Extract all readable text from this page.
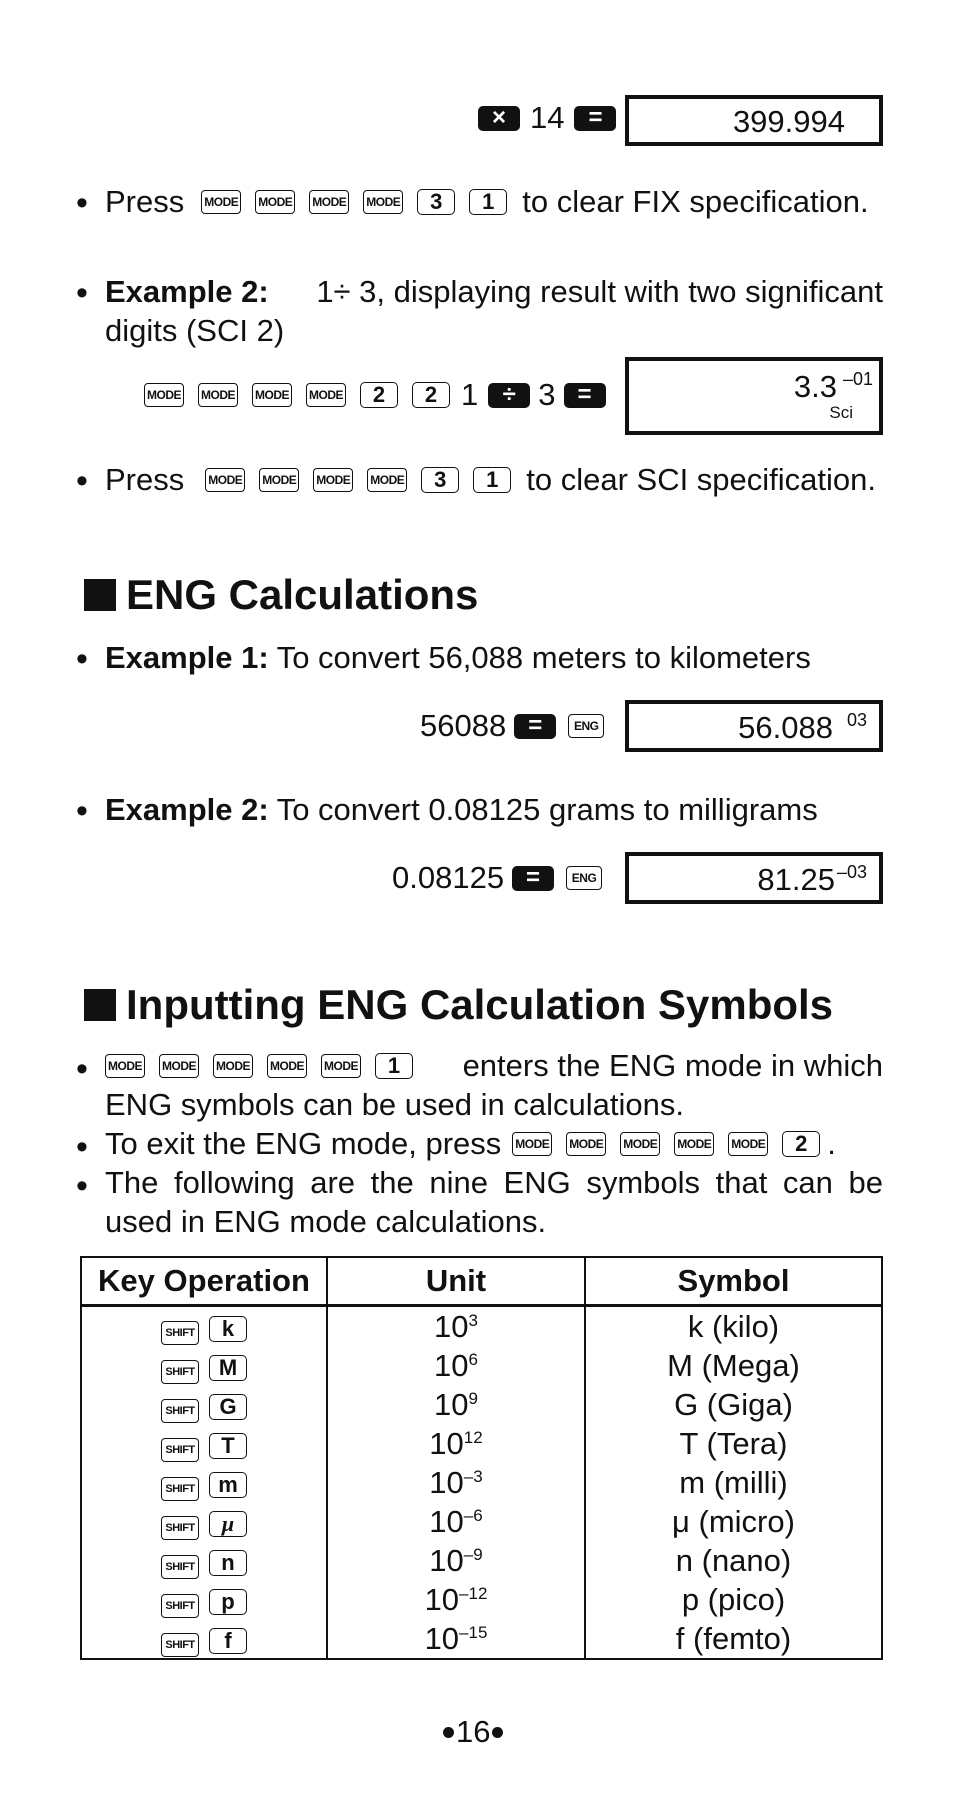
× 14 =	399.994
• Press MODE MODE MODE MODE	3	1 to clear FIX specification.
• Example 2: 1÷ 3, displaying result with two significant
digits (SCI 2)
MODE MODE MODE MODE	2	2 1	÷ 3 =	3.3 –01
Sci
• Press MODE MODE MODE MODE	3	1 to clear SCI specification.
ENG Calculations
• Example 1: To convert 56,088 meters to kilometers
56088 =	ENG	56.088 03
• Example 2: To convert 0.08125 grams to milligrams
0.08125 =	ENG	81.25 –03
Inputting ENG Calculation Symbols
• MODE MODE MODE MODE MODE	1	enters the ENG mode in which
ENG symbols can be used in calculations.
• To exit the ENG mode, press MODE MODE MODE MODE MODE	2 .
• The following are the nine ENG symbols that can be
used in ENG mode calculations.
Key Operation	Unit	Symbol
SHIFT k	$10^3$	k (kilo)
SHIFT M	$10^6$	M (Mega)
SHIFT G	$10^9$	G (Giga)
SHIFT T	$10^{12}$	T (Tera)
SHIFT m	$10^{-3}$	m (milli)
SHIFT μ	$10^{-6}$	μ (micro)
SHIFT n	$10^{-9}$	n (nano)
SHIFT p	$10^{-12}$	p (pico)
SHIFT f	$10^{-15}$	f (femto)
16
